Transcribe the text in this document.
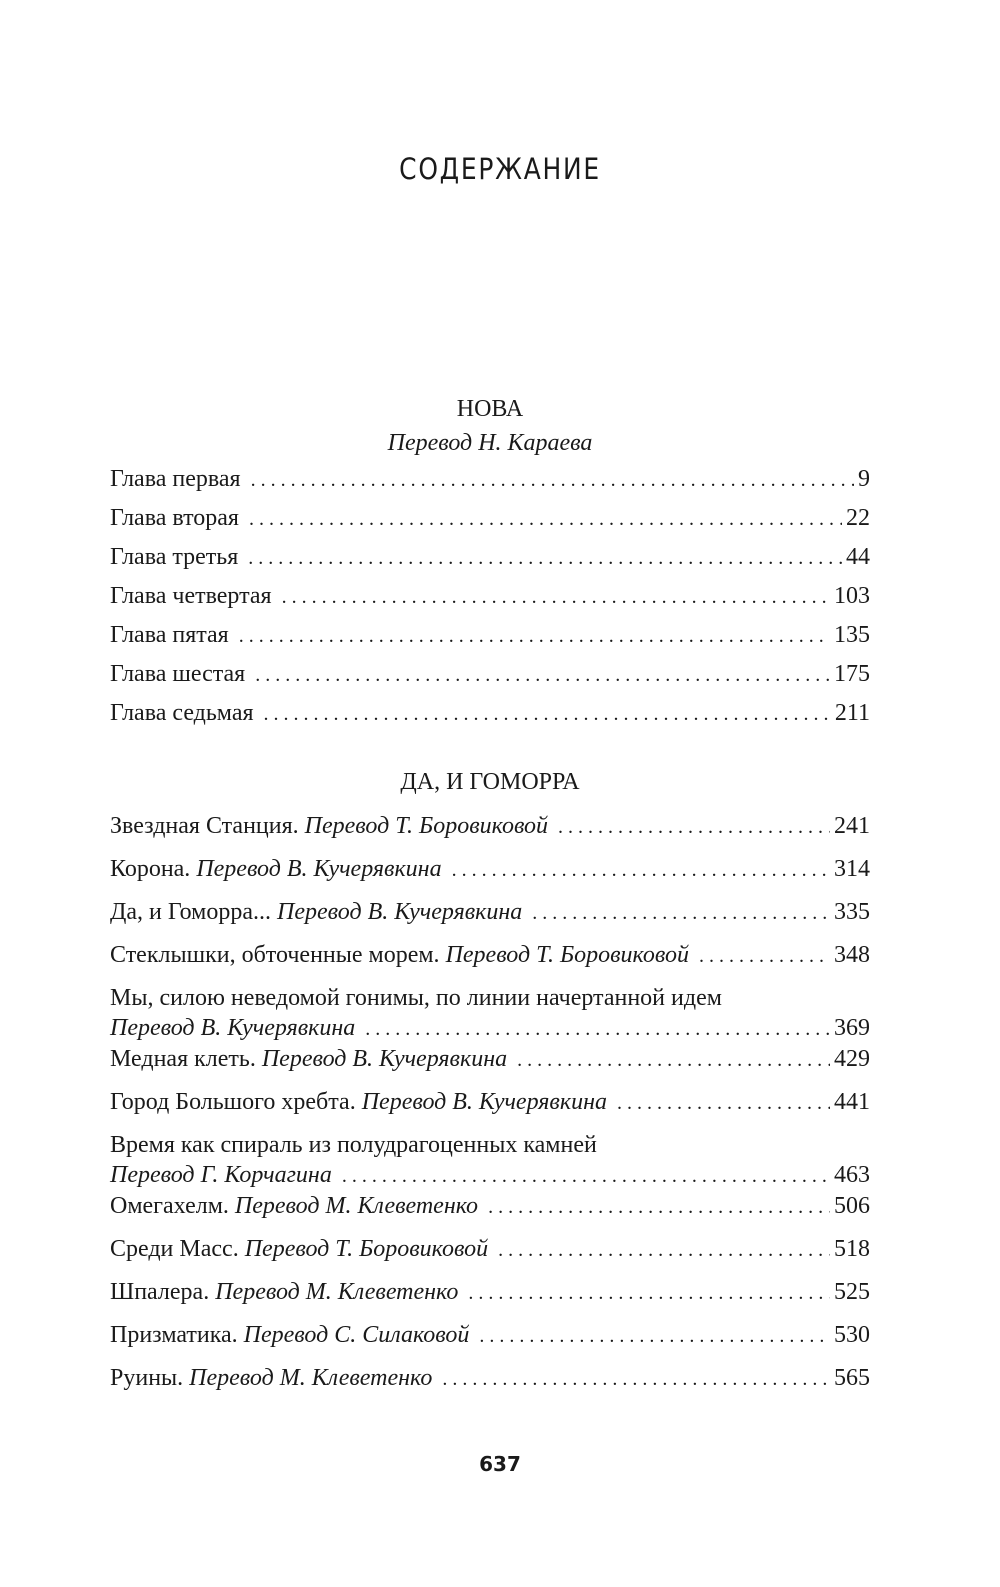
СОДЕРЖАНИЕ
НОВА
Перевод Н. Караева
Глава первая .....	9
Глава вторая .....	22
Глава третья .....	44
Глава четвертая .....	103
Глава пятая .....	135
Глава шестая .....	175
Глава седьмая .....	211
ДА, И ГОМОРРА
Звездная Станция. Перевод Т. Боровиковой .....	241
Корона. Перевод В. Кучерявкина .....	314
Да, и Гоморра... Перевод В. Кучерявкина .....	335
Стеклышки, обточенные морем. Перевод Т. Боровиковой .....	348
Мы, силою неведомой гонимы, по линии начертанной идем
Перевод В. Кучерявкина .....	369
Медная клеть. Перевод В. Кучерявкина .....	429
Город Большого хребта. Перевод В. Кучерявкина .....	441
Время как спираль из полудрагоценных камней
Перевод Г. Корчагина .....	463
Омегахелм. Перевод М. Клеветенко .....	506
Среди Масс. Перевод Т. Боровиковой .....	518
Шпалера. Перевод М. Клеветенко .....	525
Призматика. Перевод С. Силаковой .....	530
Руины. Перевод М. Клеветенко .....	565
637
